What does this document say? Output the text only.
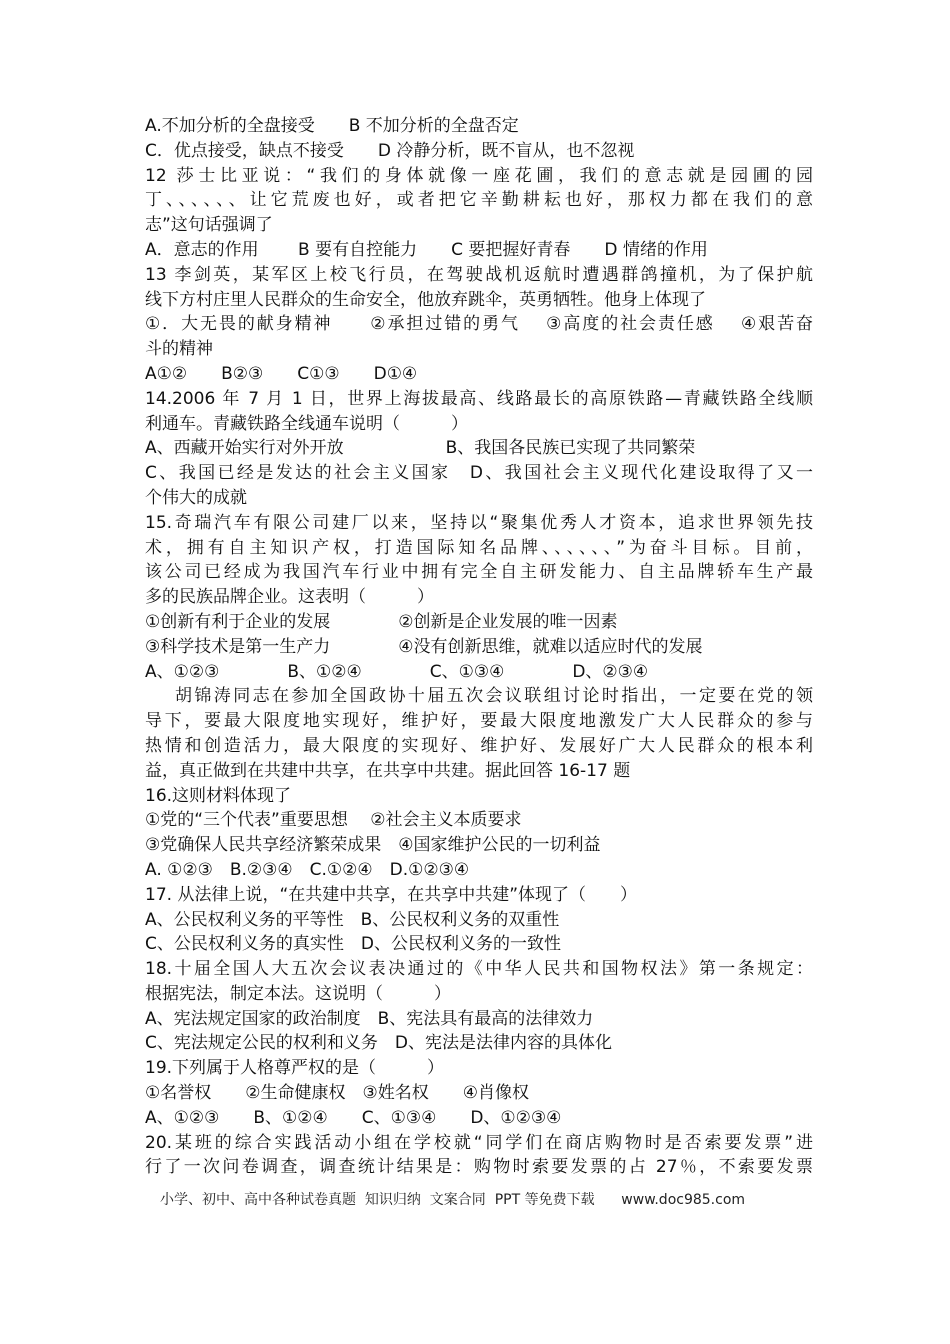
A.不加分析的全盘接受　　B 不加分析的全盘否定
C．优点接受，缺点不接受　　D 冷静分析，既不盲从，也不忽视
12 莎士比亚说：“我们的身体就像一座花圃，我们的意志就是园圃的园
丁、、、、、、让它荒废也好，或者把它辛勤耕耘也好，那权力都在我们的意
志”这句话强调了
A．意志的作用　　 B 要有自控能力　　C 要把握好青春　　D 情绪的作用
13 李剑英，某军区上校飞行员，在驾驶战机返航时遭遇群鸽撞机，为了保护航
线下方村庄里人民群众的生命安全，他放弃跳伞，英勇牺牲。他身上体现了
①．大无畏的献身精神　　②承担过错的勇气　 ③高度的社会责任感　 ④艰苦奋
斗的精神
A①②　　B②③　　C①③　　D①④
14.2006 年 7 月 1 日，世界上海拔最高、线路最长的高原铁路—青藏铁路全线顺
利通车。青藏铁路全线通车说明（　　　）
A、西藏开始实行对外开放　　　　　　B、我国各民族已实现了共同繁荣
C、我国已经是发达的社会主义国家　D、我国社会主义现代化建设取得了又一
个伟大的成就
15.奇瑞汽车有限公司建厂以来，坚持以“聚集优秀人才资本，追求世界领先技
术，拥有自主知识产权，打造国际知名品牌、、、、、、”为奋斗目标。目前，
该公司已经成为我国汽车行业中拥有完全自主研发能力、自主品牌轿车生产最
多的民族品牌企业。这表明（　　　）
①创新有利于企业的发展　　　　②创新是企业发展的唯一因素
③科学技术是第一生产力　　　　④没有创新思维，就难以适应时代的发展
A、①②③　　　　B、①②④　　　　C、①③④　　　　D、②③④
胡锦涛同志在参加全国政协十届五次会议联组讨论时指出，一定要在党的领
导下，要最大限度地实现好，维护好，要最大限度地激发广大人民群众的参与
热情和创造活力，最大限度的实现好、维护好、发展好广大人民群众的根本利
益，真正做到在共建中共享，在共享中共建。据此回答 16-17 题
16.这则材料体现了
①党的“三个代表”重要思想　 ②社会主义本质要求
③党确保人民共享经济繁荣成果　④国家维护公民的一切利益
A. ①②③　B.②③④　C.①②④　D.①②③④
17. 从法律上说，“在共建中共享，在共享中共建”体现了（　　）
A、公民权利义务的平等性　B、公民权利义务的双重性
C、公民权利义务的真实性　D、公民权利义务的一致性
18.十届全国人大五次会议表决通过的《中华人民共和国物权法》第一条规定：
根据宪法，制定本法。这说明（　　　）
A、宪法规定国家的政治制度　B、宪法具有最高的法律效力
C、宪法规定公民的权利和义务　D、宪法是法律内容的具体化
19.下列属于人格尊严权的是（　　　）
①名誉权　　②生命健康权　③姓名权　　④肖像权
A、①②③　　B、①②④　　C、①③④　　D、①②③④
20.某班的综合实践活动小组在学校就“同学们在商店购物时是否索要发票”进
行了一次问卷调查，调查统计结果是：购物时索要发票的占 27％，不索要发票
小学、初中、高中各种试卷真题  知识归纳  文案合同  PPT 等免费下载      www.doc985.com
